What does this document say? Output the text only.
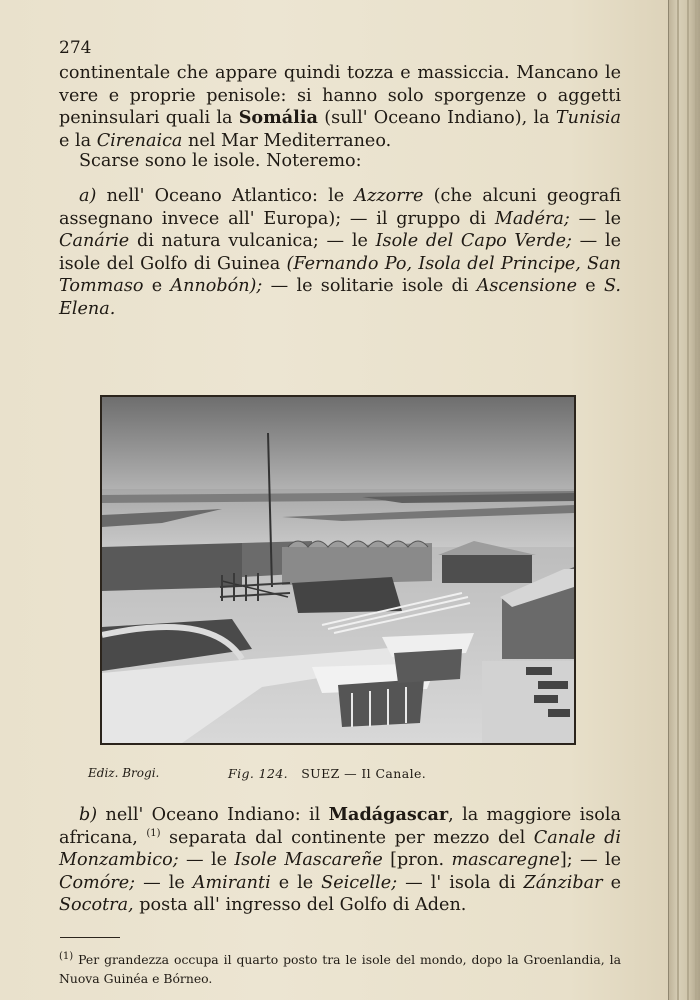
274

continentale che appare quindi tozza e massiccia. Mancano le vere e proprie penisole: si hanno solo sporgenze o aggetti peninsulari quali la Somália (sull' Oceano Indiano), la Tunisia e la Cirenaica nel Mar Mediterraneo.

Scarse sono le isole. Noteremo:

a) nell' Oceano Atlantico: le Azzorre (che alcuni geografi assegnano invece all' Europa); — il gruppo di Madéra; — le Canárie di natura vulcanica; — le Isole del Capo Verde; — le isole del Golfo di Guinea (Fernando Po, Isola del Principe, San Tommaso e Annobón); — le solitarie isole di Ascensione e S. Elena.

Ediz. Brogi.	Fig. 124. SUEZ — Il Canale.

b) nell' Oceano Indiano: il Madágascar, la maggiore isola africana, $^{(1)}$ separata dal continente per mezzo del Canale di Monzambico; — le Isole Mascareñe [pron. mascaregne]; — le Comóre; — le Amiranti e le Seicelle; — l' isola di Zánzibar e Socotra, posta all' ingresso del Golfo di Aden.

$^{(1)}$ Per grandezza occupa il quarto posto tra le isole del mondo, dopo la Groenlandia, la Nuova Guinéa e Bórneo.
